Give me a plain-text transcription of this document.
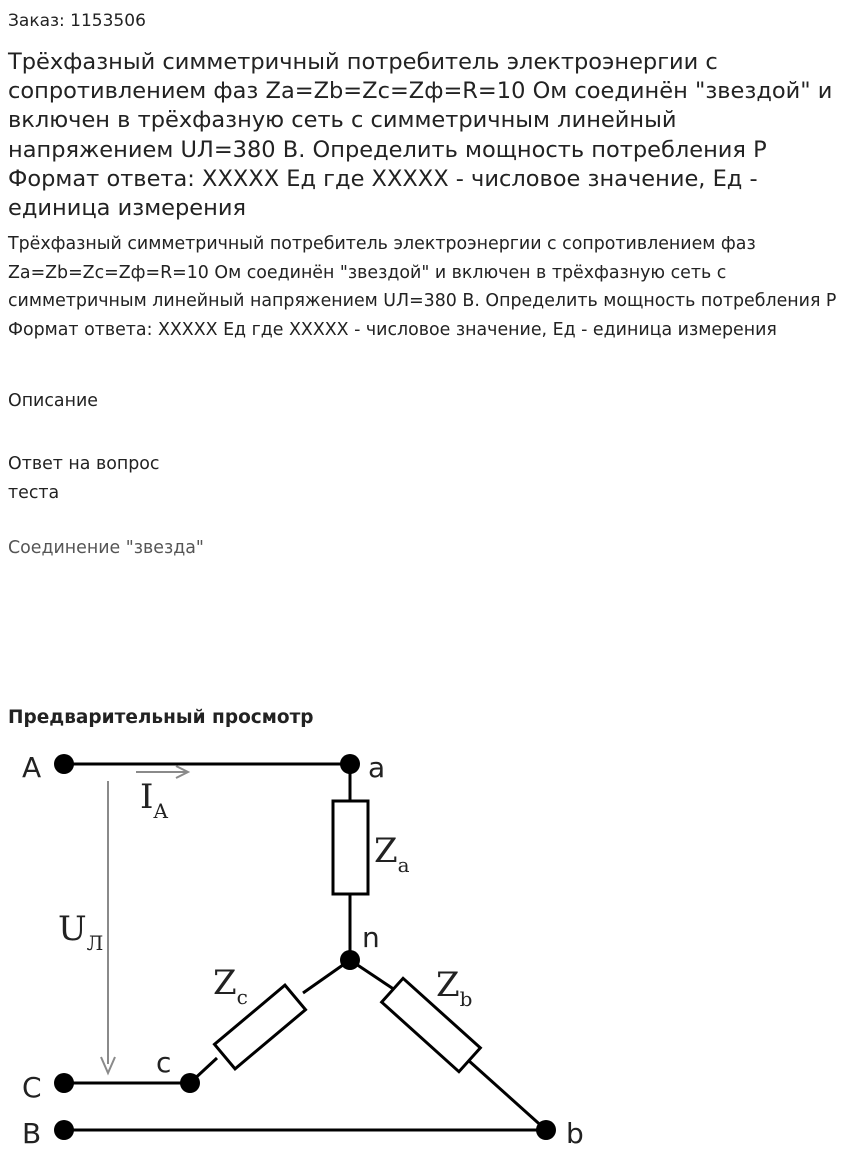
Заказ: 1153506
Трёхфазный симметричный потребитель электроэнергии с сопротивлением фаз Za=Zb=Zc=Zф=R=10 Ом соединён "звездой" и включен в трёхфазную сеть с симметричным линейный напряжением UЛ=380 В. Определить мощность потребления P Формат ответа: XXXXX Ед где XXXXX - числовое значение, Ед - единица измерения

Трёхфазный симметричный потребитель электроэнергии с сопротивлением фаз Za=Zb=Zc=Zф=R=10 Ом соединён "звездой" и включен в трёхфазную сеть с симметричным линейный напряжением UЛ=380 В. Определить мощность потребления P Формат ответа: XXXXX Ед где XXXXX - числовое значение, Ед - единица измерения

Описание
Ответ на вопрос теста
Соединение "звезда"
Предварительный просмотр
A
C
B
a
b
c
n
$I_A$
$U_Л$
$Z_a$
$Z_b$
$Z_c$
